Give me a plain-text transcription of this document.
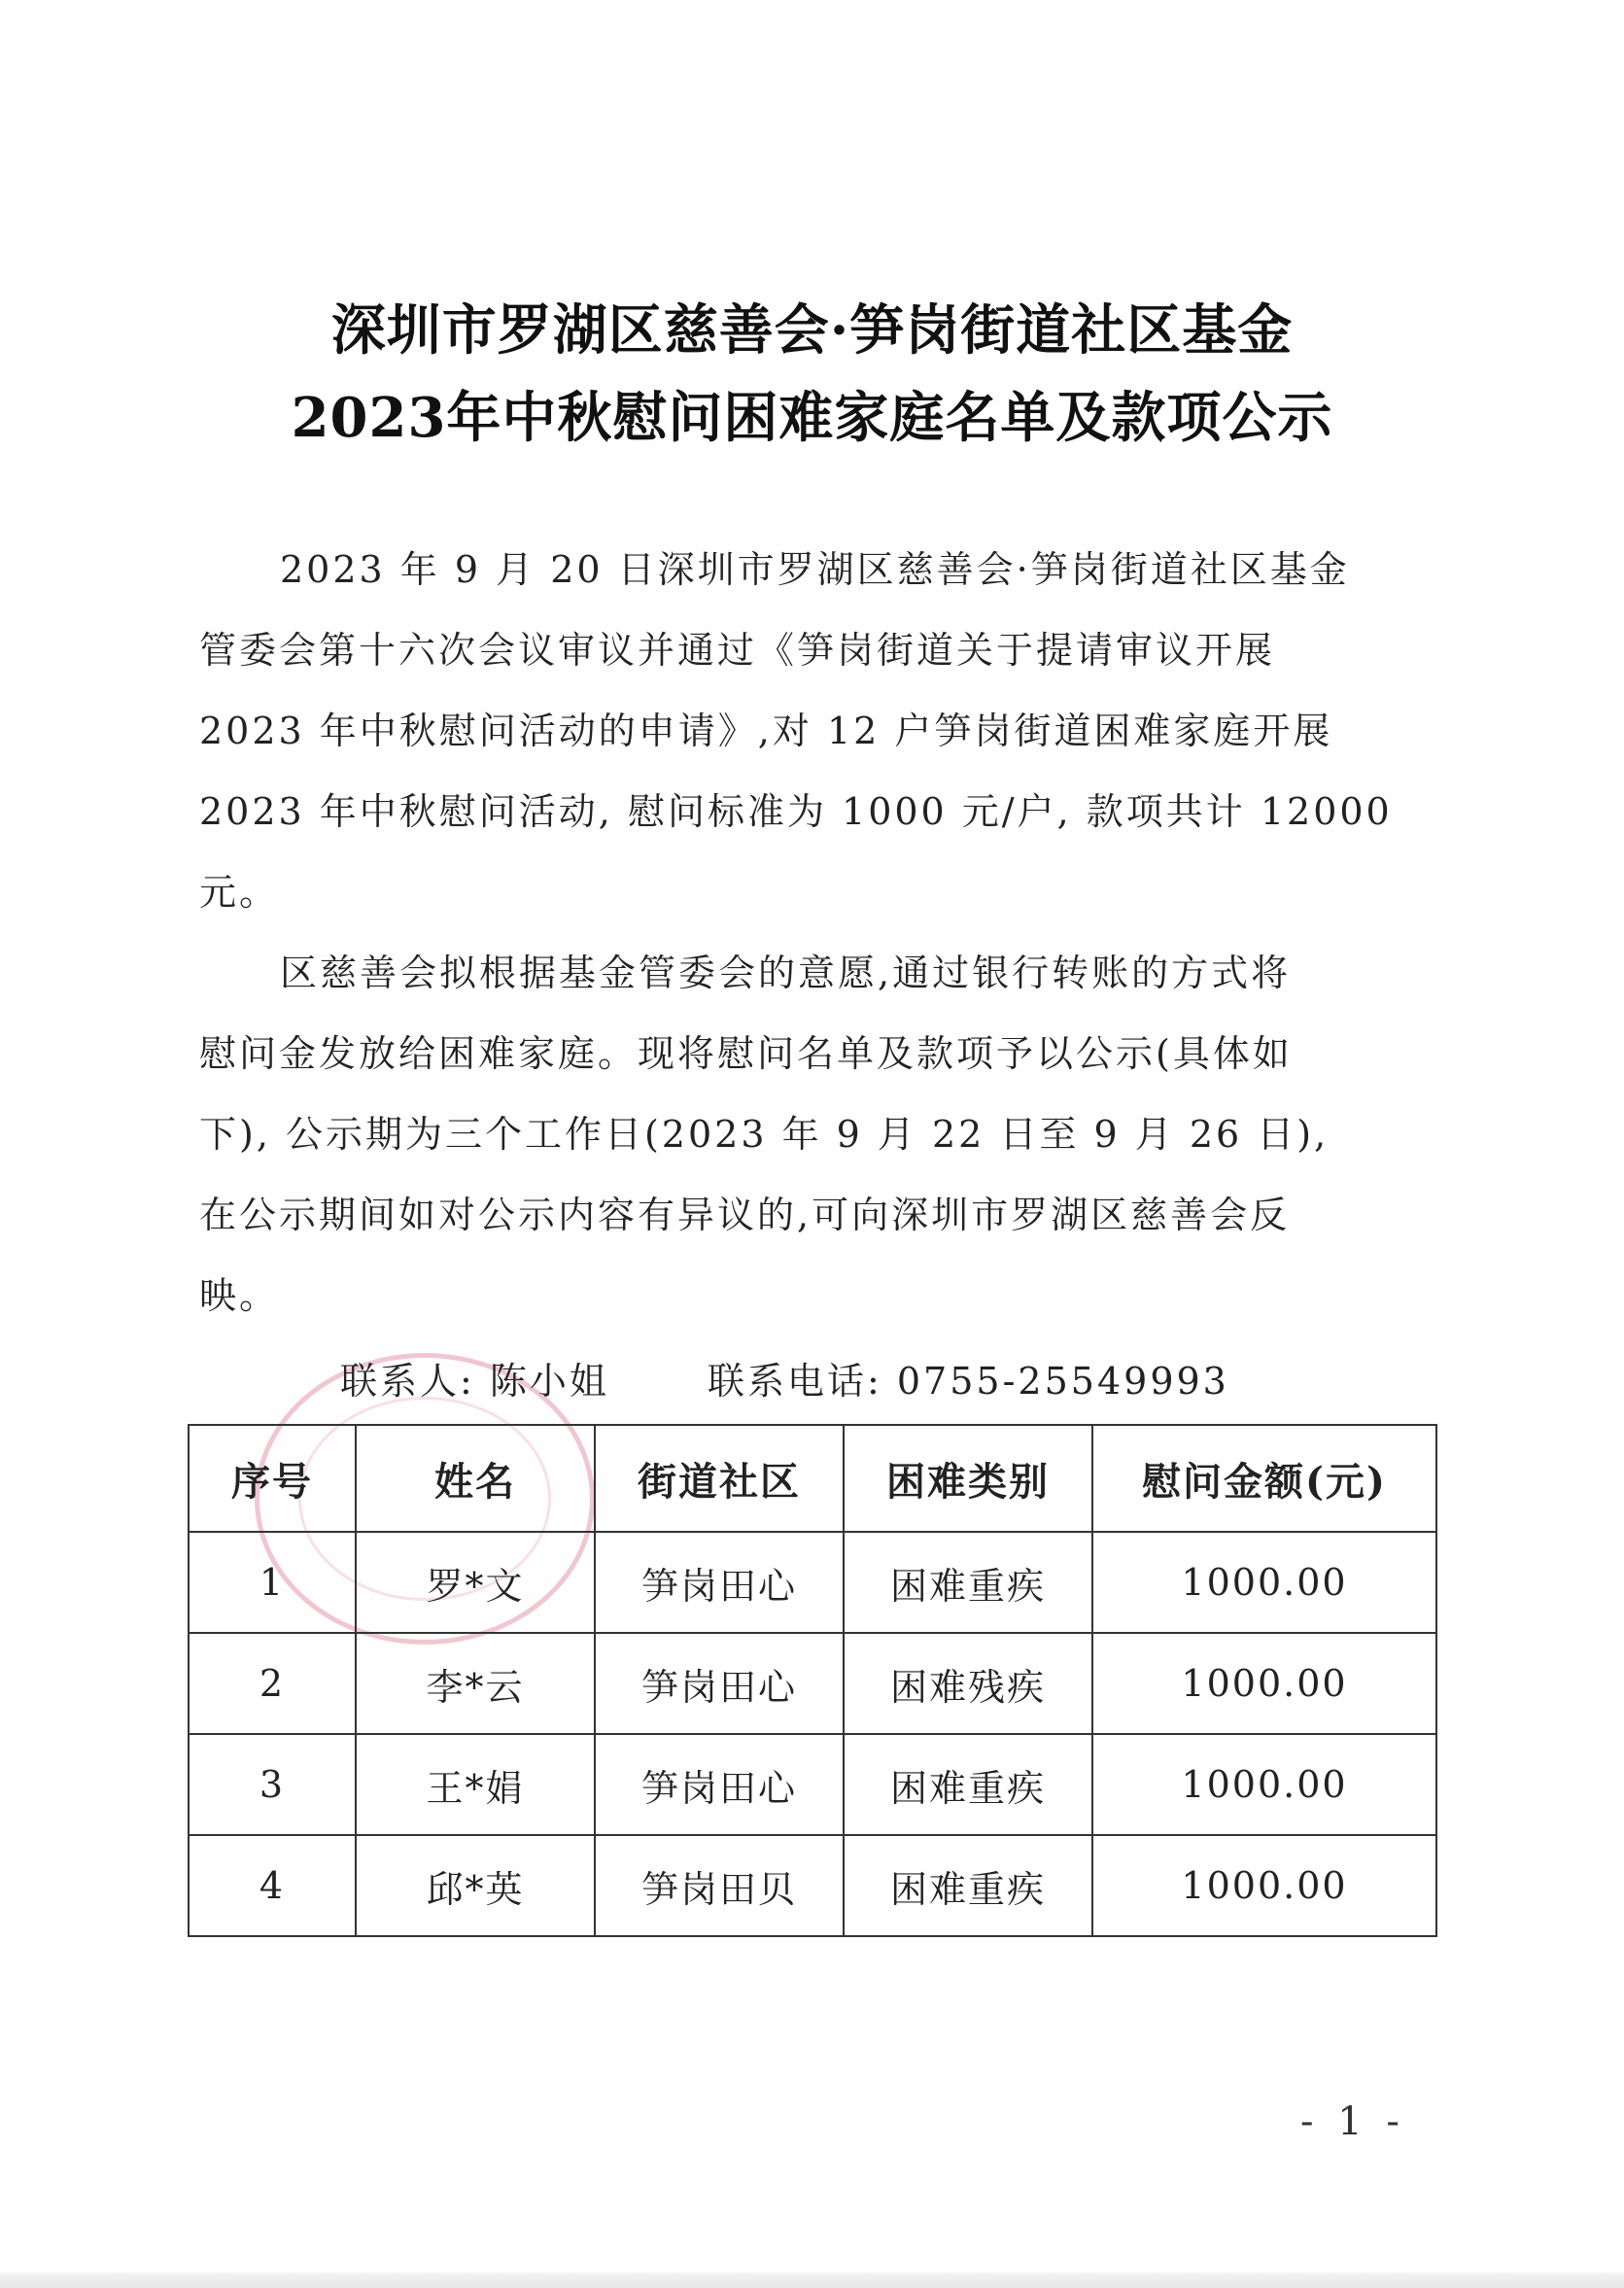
深圳市罗湖区慈善会·笋岗街道社区基金
2023年中秋慰问困难家庭名单及款项公示
2023 年 9 月 20 日深圳市罗湖区慈善会·笋岗街道社区基金
管委会第十六次会议审议并通过《笋岗街道关于提请审议开展
2023 年中秋慰问活动的申请》,对 12 户笋岗街道困难家庭开展
2023 年中秋慰问活动, 慰问标准为 1000 元/户, 款项共计 12000
元。
区慈善会拟根据基金管委会的意愿,通过银行转账的方式将
慰问金发放给困难家庭。现将慰问名单及款项予以公示(具体如
下), 公示期为三个工作日(2023 年 9 月 22 日至 9 月 26 日),
在公示期间如对公示内容有异议的,可向深圳市罗湖区慈善会反
映。
联系人: 陈小姐	联系电话: 0755-25549993
序号	姓名	街道社区	困难类别	慰问金额(元)
1	罗*文	笋岗田心	困难重疾	1000.00
2	李*云	笋岗田心	困难残疾	1000.00
3	王*娟	笋岗田心	困难重疾	1000.00
4	邱*英	笋岗田贝	困难重疾	1000.00
- 1 -
